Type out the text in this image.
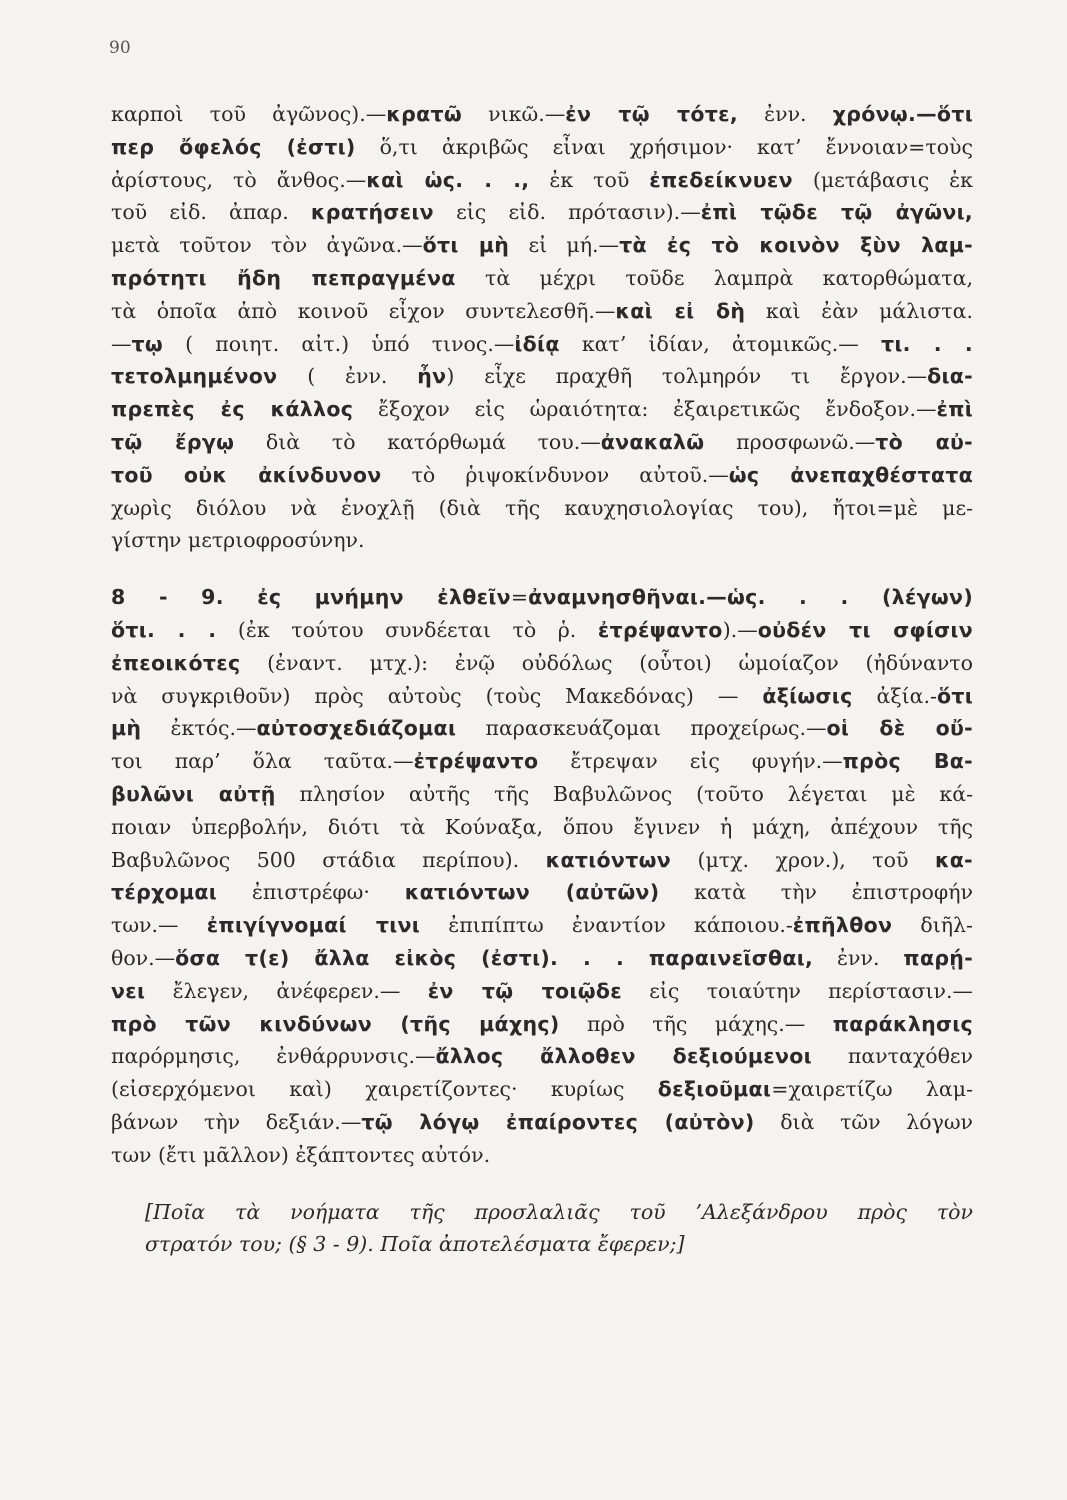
90
καρποὶ τοῦ ἀγῶνος).—κρατῶ νικῶ.—ἐν τῷ τότε, ἐνν. χρόνῳ.—ὅτι
περ ὄφελός (ἐστι) ὅ,τι ἀκριβῶς εἶναι χρήσιμον· κατ’ ἔννοιαν=τοὺς
ἀρίστους, τὸ ἄνθος.—καὶ ὡς. . ., ἐκ τοῦ ἐπεδείκνυεν (μετάβασις ἐκ
τοῦ εἰδ. ἀπαρ. κρατήσειν εἰς εἰδ. πρότασιν).—ἐπὶ τῷδε τῷ ἀγῶνι,
μετὰ τοῦτον τὸν ἀγῶνα.—ὅτι μὴ εἰ μή.—τὰ ἐς τὸ κοινὸν ξὺν λαμ-
πρότητι ἤδη πεπραγμένα τὰ μέχρι τοῦδε λαμπρὰ κατορθώματα,
τὰ ὁποῖα ἀπὸ κοινοῦ εἶχον συντελεσθῆ.—καὶ εἰ δὴ καὶ ἐὰν μάλιστα.
—τῳ ( ποιητ. αἰτ.) ὑπό τινος.—ἰδίᾳ κατ’ ἰδίαν, ἀτομικῶς.— τι. . .
τετολμημένον ( ἐνν. ἦν) εἶχε πραχθῆ τολμηρόν τι ἔργον.—δια-
πρεπὲς ἐς κάλλος ἔξοχον εἰς ὡραιότητα: ἐξαιρετικῶς ἔνδοξον.—ἐπὶ
τῷ ἔργῳ διὰ τὸ κατόρθωμά του.—ἀνακαλῶ προσφωνῶ.—τὸ αὐ-
τοῦ οὐκ ἀκίνδυνον τὸ ῥιψοκίνδυνον αὐτοῦ.—ὡς ἀνεπαχθέστατα
χωρὶς διόλου νὰ ἐνοχλῇ (διὰ τῆς καυχησιολογίας του), ἤτοι=μὲ με-
γίστην μετριοφροσύνην.
8 - 9. ἐς μνήμην ἐλθεῖν=ἀναμνησθῆναι.—ὡς. . . (λέγων)
ὅτι. . . (ἐκ τούτου συνδέεται τὸ ῥ. ἐτρέψαντο).—οὐδέν τι σφίσιν
ἐπεοικότες (ἐναντ. μτχ.): ἐνῷ οὐδόλως (οὗτοι) ὡμοίαζον (ἠδύναντο
νὰ συγκριθοῦν) πρὸς αὐτοὺς (τοὺς Μακεδόνας) — ἀξίωσις ἀξία.-ὅτι
μὴ ἐκτός.—αὐτοσχεδιάζομαι παρασκευάζομαι προχείρως.—οἱ δὲ οὔ-
τοι παρ’ ὅλα ταῦτα.—ἐτρέψαντο ἔτρεψαν εἰς φυγήν.—πρὸς Βα-
βυλῶνι αὐτῇ πλησίον αὐτῆς τῆς Βαβυλῶνος (τοῦτο λέγεται μὲ κά-
ποιαν ὑπερβολήν, διότι τὰ Κούναξα, ὅπου ἔγινεν ἡ μάχη, ἀπέχουν τῆς
Βαβυλῶνος 500 στάδια περίπου). κατιόντων (μτχ. χρον.), τοῦ κα-
τέρχομαι ἐπιστρέφω· κατιόντων (αὐτῶν) κατὰ τὴν ἐπιστροφήν
των.— ἐπιγίγνομαί τινι ἐπιπίπτω ἐναντίον κάποιου.-ἐπῆλθον διῆλ-
θον.—ὅσα τ(ε) ἄλλα εἰκὸς (ἐστι). . . παραινεῖσθαι, ἐνν. παρῄ-
νει ἔλεγεν, ἀνέφερεν.— ἐν τῷ τοιῷδε εἰς τοιαύτην περίστασιν.—
πρὸ τῶν κινδύνων (τῆς μάχης) πρὸ τῆς μάχης.— παράκλησις
παρόρμησις, ἐνθάρρυνσις.—ἄλλος ἄλλοθεν δεξιούμενοι πανταχόθεν
(εἰσερχόμενοι καὶ) χαιρετίζοντες· κυρίως δεξιοῦμαι=χαιρετίζω λαμ-
βάνων τὴν δεξιάν.—τῷ λόγῳ ἐπαίροντες (αὐτὸν) διὰ τῶν λόγων
των (ἔτι μᾶλλον) ἐξάπτοντες αὐτόν.
[Ποῖα τὰ νοήματα τῆς προσλαλιᾶς τοῦ ’Αλεξάνδρου πρὸς τὸν
στρατόν του; (§ 3 - 9). Ποῖα ἀποτελέσματα ἔφερεν;]
